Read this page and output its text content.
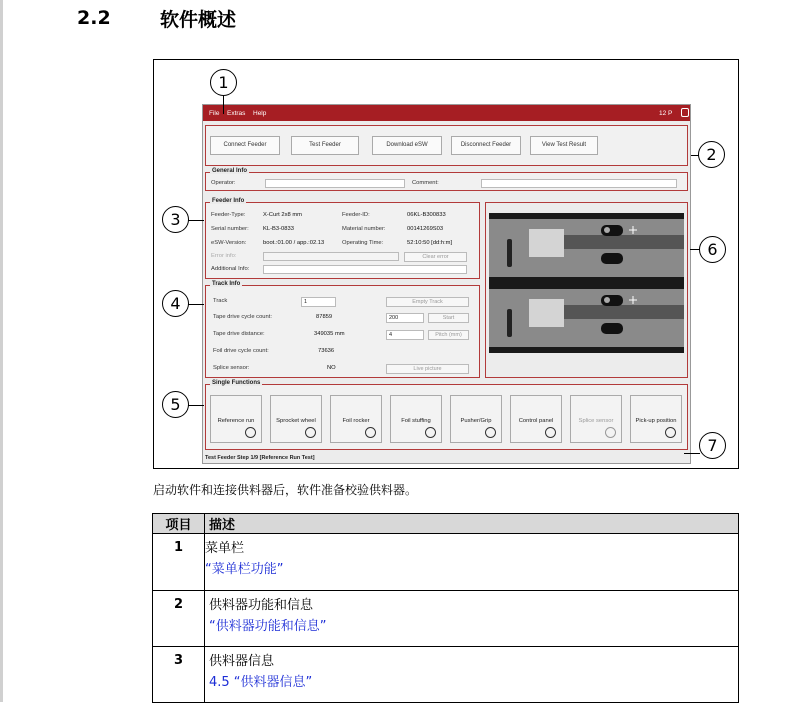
2.2	软件概述
File Extras Help	12 P
Connect Feeder	Test Feeder	Download eSW	Disconnect Feeder	View Test Result
General Info
Operator:	Comment:
Feeder Info
Feeder-Type:	X-Curt 2x8 mm	Feeder-ID:	06KL-B300833
Serial number: KL-B3-0833	Material number:	00141269S03
eSW-Version:	boot.:01.00 / app.:02.13	Operating Time:	52:10:50 [dd:h:m]
Error info:	Clear error
Additional Info:
Track Info
Track	1	Empty Track
Tape drive cycle count:	87859	200	Start
Tape drive distance:	349035 mm	4	Pitch (mm)
Foil drive cycle count:	73636
Splice sensor:	NO	Live picture
Single Functions
Reference run	Sprocket wheel	Foil rocker	Foil stuffing	Pusher/Grip	Control panel	Splice sensor	Pick-up position
Test Feeder Step 1/9 [Reference Run Test]
1
2
3
4
5
6
7
启动软件和连接供料器后，软件准备校验供料器。
项目	描述
1	菜单栏
“菜单栏功能”

2	供料器功能和信息
“供料器功能和信息”

3	供料器信息
4.5 “供料器信息”
